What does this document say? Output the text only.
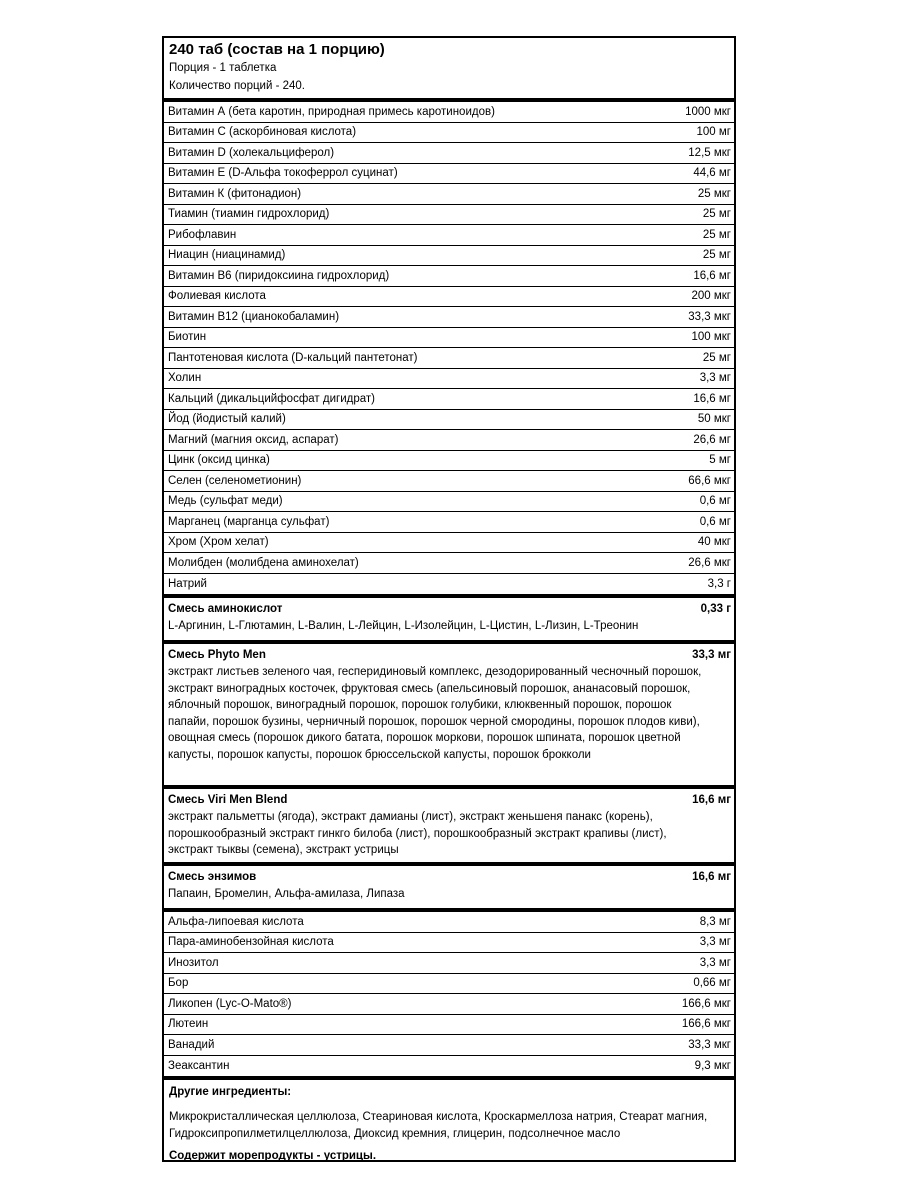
240 таб (состав на 1 порцию)
Порция - 1 таблетка
Количество порций - 240.
Витамин А (бета каротин, природная примесь каротиноидов)	1000 мкг
Витамин С (аскорбиновая кислота)	100 мг
Витамин D (холекальциферол)	12,5 мкг
Витамин Е (D-Альфа токоферрол суцинат)	44,6 мг
Витамин К (фитонадион)	25 мкг
Тиамин (тиамин гидрохлорид)	25 мг
Рибофлавин	25 мг
Ниацин (ниацинамид)	25 мг
Витамин В6 (пиридоксиина гидрохлорид)	16,6 мг
Фолиевая кислота	200 мкг
Витамин В12 (цианокобаламин)	33,3 мкг
Биотин	100 мкг
Пантотеновая кислота (D-кальций пантетонат)	25 мг
Холин	3,3 мг
Кальций (дикальцийфосфат дигидрат)	16,6 мг
Йод (йодистый калий)	50 мкг
Магний (магния оксид, аспарат)	26,6 мг
Цинк (оксид цинка)	5 мг
Селен (селенометионин)	66,6 мкг
Медь (сульфат меди)	0,6 мг
Марганец (марганца сульфат)	0,6 мг
Хром (Хром хелат)	40 мкг
Молибден (молибдена аминохелат)	26,6 мкг
Натрий	3,3 г
Смесь аминокислот	0,33 г
L-Аргинин, L-Глютамин, L-Валин, L-Лейцин, L-Изолейцин, L-Цистин, L-Лизин, L-Треонин
Смесь Phyto Men	33,3 мг
экстракт листьев зеленого чая, гесперидиновый комплекс, дезодорированный чесночный порошок,
экстракт виноградных косточек, фруктовая смесь (апельсиновый порошок, ананасовый порошок,
яблочный порошок, виноградный порошок, порошок голубики, клюквенный порошок, порошок
папайи, порошок бузины, черничный порошок, порошок черной смородины, порошок плодов киви),
овощная смесь (порошок дикого батата, порошок моркови, порошок шпината, порошок цветной
капусты, порошок капусты, порошок брюссельской капусты, порошок брокколи
Смесь Viri Men Blend	16,6 мг
экстракт пальметты (ягода), экстракт дамианы (лист), экстракт женьшеня панакс (корень),
порошкообразный экстракт гинкго билоба (лист), порошкообразный экстракт крапивы (лист),
экстракт тыквы (семена), экстракт устрицы
Смесь энзимов	16,6 мг
Папаин, Бромелин, Альфа-амилаза, Липаза
Альфа-липоевая кислота	8,3 мг
Пара-аминобензойная кислота	3,3 мг
Инозитол	3,3 мг
Бор	0,66 мг
Ликопен (Lyc-O-Mato®)	166,6 мкг
Лютеин	166,6 мкг
Ванадий	33,3 мкг
Зеаксантин	9,3 мкг
Другие ингредиенты:
Микрокристаллическая целлюлоза, Стеариновая кислота, Кроскармеллоза натрия, Стеарат магния,
Гидроксипропилметилцеллюлоза, Диоксид кремния, глицерин, подсолнечное масло
Содержит морепродукты - устрицы.
